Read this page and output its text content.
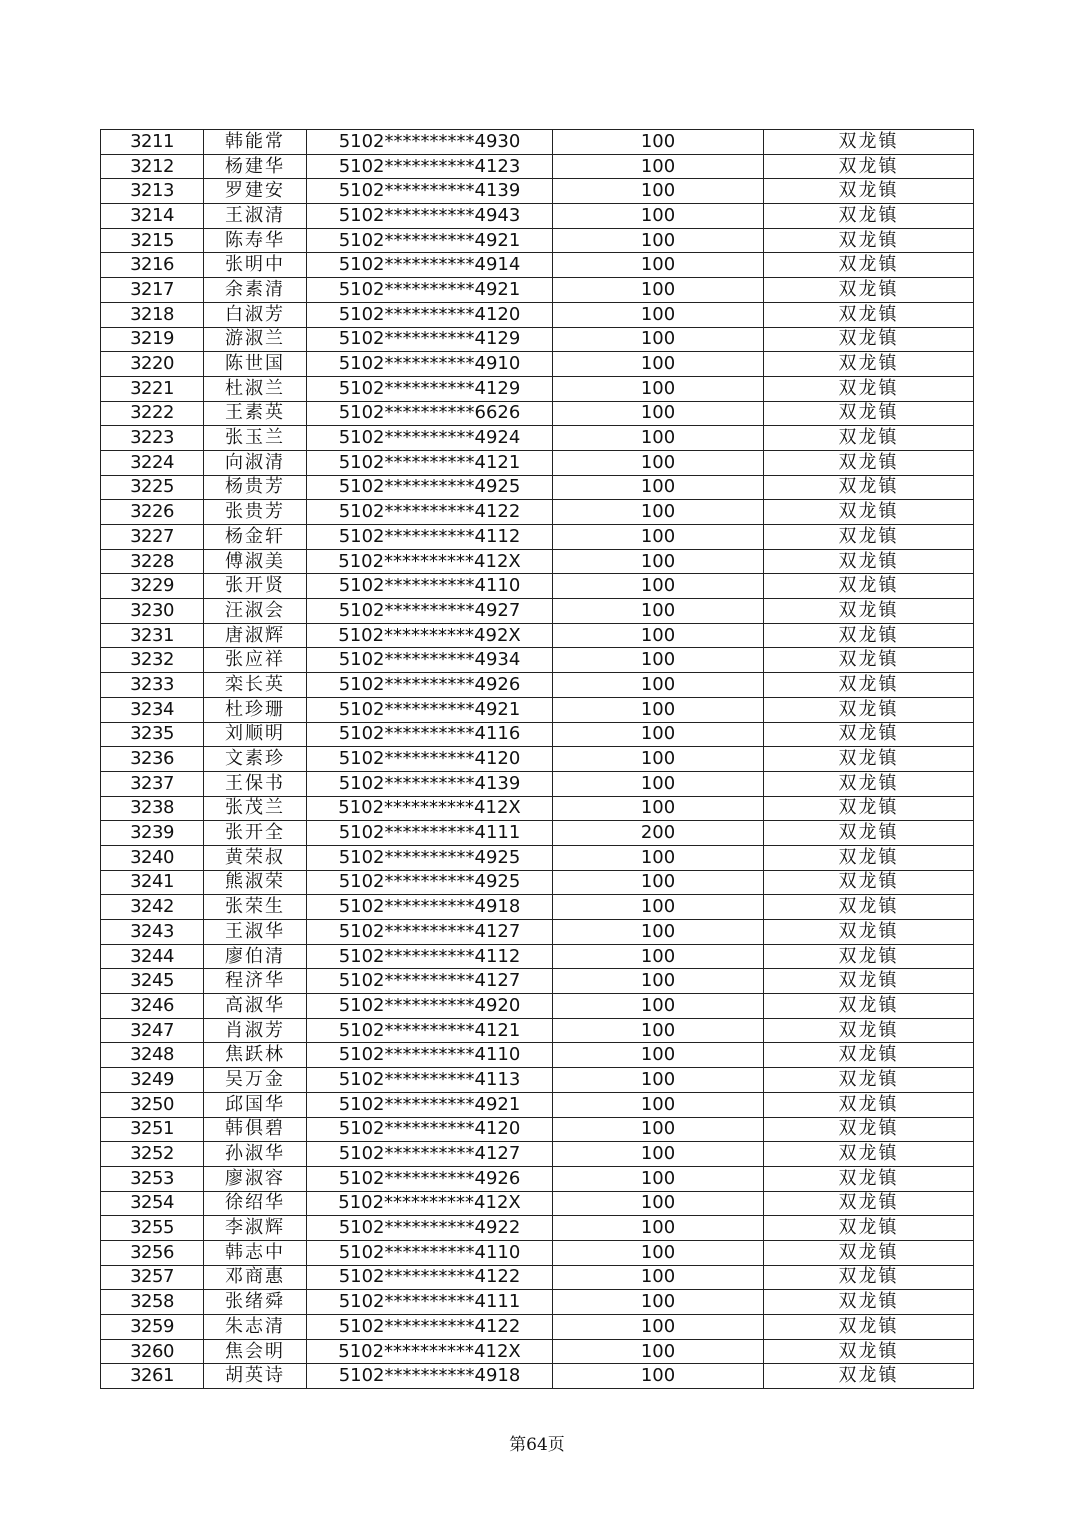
3211	韩能常	5102**********4930	100	双龙镇
3212	杨建华	5102**********4123	100	双龙镇
3213	罗建安	5102**********4139	100	双龙镇
3214	王淑清	5102**********4943	100	双龙镇
3215	陈寿华	5102**********4921	100	双龙镇
3216	张明中	5102**********4914	100	双龙镇
3217	余素清	5102**********4921	100	双龙镇
3218	白淑芳	5102**********4120	100	双龙镇
3219	游淑兰	5102**********4129	100	双龙镇
3220	陈世国	5102**********4910	100	双龙镇
3221	杜淑兰	5102**********4129	100	双龙镇
3222	王素英	5102**********6626	100	双龙镇
3223	张玉兰	5102**********4924	100	双龙镇
3224	向淑清	5102**********4121	100	双龙镇
3225	杨贵芳	5102**********4925	100	双龙镇
3226	张贵芳	5102**********4122	100	双龙镇
3227	杨金轩	5102**********4112	100	双龙镇
3228	傅淑美	5102**********412X	100	双龙镇
3229	张开贤	5102**********4110	100	双龙镇
3230	汪淑会	5102**********4927	100	双龙镇
3231	唐淑辉	5102**********492X	100	双龙镇
3232	张应祥	5102**********4934	100	双龙镇
3233	栾长英	5102**********4926	100	双龙镇
3234	杜珍珊	5102**********4921	100	双龙镇
3235	刘顺明	5102**********4116	100	双龙镇
3236	文素珍	5102**********4120	100	双龙镇
3237	王保书	5102**********4139	100	双龙镇
3238	张茂兰	5102**********412X	100	双龙镇
3239	张开全	5102**********4111	200	双龙镇
3240	黄荣叔	5102**********4925	100	双龙镇
3241	熊淑荣	5102**********4925	100	双龙镇
3242	张荣生	5102**********4918	100	双龙镇
3243	王淑华	5102**********4127	100	双龙镇
3244	廖伯清	5102**********4112	100	双龙镇
3245	程济华	5102**********4127	100	双龙镇
3246	高淑华	5102**********4920	100	双龙镇
3247	肖淑芳	5102**********4121	100	双龙镇
3248	焦跃林	5102**********4110	100	双龙镇
3249	吴万金	5102**********4113	100	双龙镇
3250	邱国华	5102**********4921	100	双龙镇
3251	韩俱碧	5102**********4120	100	双龙镇
3252	孙淑华	5102**********4127	100	双龙镇
3253	廖淑容	5102**********4926	100	双龙镇
3254	徐绍华	5102**********412X	100	双龙镇
3255	李淑辉	5102**********4922	100	双龙镇
3256	韩志中	5102**********4110	100	双龙镇
3257	邓商惠	5102**********4122	100	双龙镇
3258	张绪舜	5102**********4111	100	双龙镇
3259	朱志清	5102**********4122	100	双龙镇
3260	焦会明	5102**********412X	100	双龙镇
3261	胡英诗	5102**********4918	100	双龙镇
第64页
